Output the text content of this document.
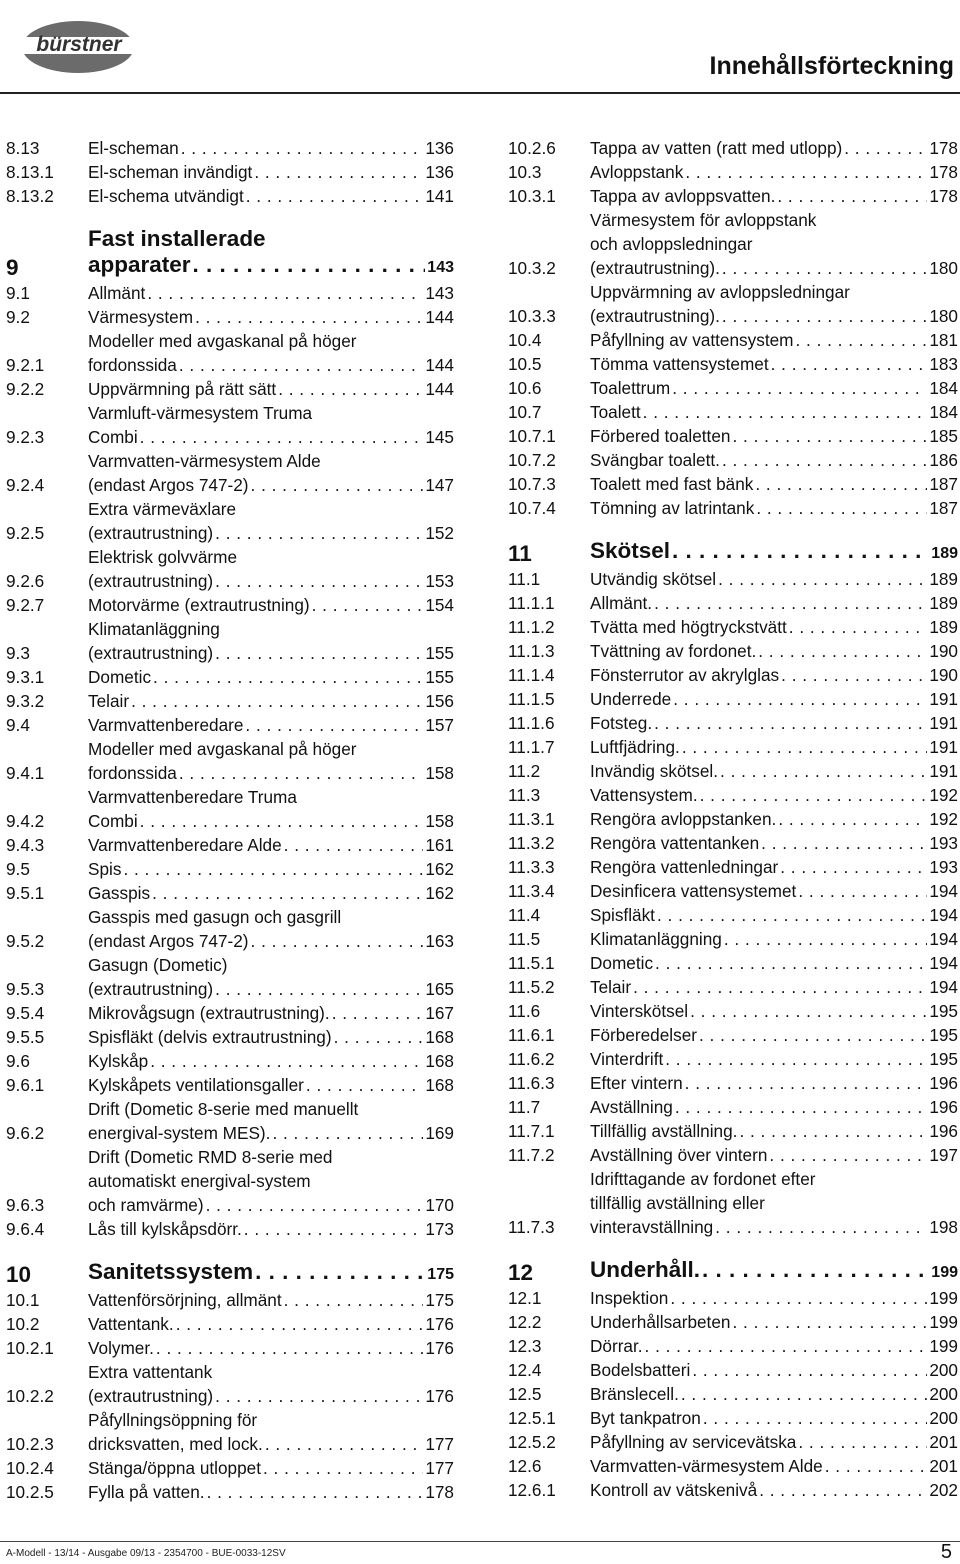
bürstner
Innehållsförteckning
8.13	El-scheman . . .	136
8.13.1	El-scheman invändigt . . .	136
8.13.2	El-schema utvändigt . . .	141
9
Fast installerade
apparater . . .	143
9.1	Allmänt . . .	143
9.2	Värmesystem . . .	144
9.2.1
Modeller med avgaskanal på höger
fordonssida . . .	144
9.2.2	Uppvärmning på rätt sätt . . .	144
9.2.3
Varmluft-värmesystem Truma
Combi . . .	145
9.2.4
Varmvatten-värmesystem Alde
(endast Argos 747-2) . . .	147
9.2.5
Extra värmeväxlare
(extrautrustning) . . .	152
9.2.6
Elektrisk golvvärme
(extrautrustning) . . .	153
9.2.7	Motorvärme (extrautrustning) . . .	154
9.3
Klimatanläggning
(extrautrustning) . . .	155
9.3.1	Dometic . . .	155
9.3.2	Telair . . .	156
9.4	Varmvattenberedare . . .	157
9.4.1
Modeller med avgaskanal på höger
fordonssida . . .	158
9.4.2
Varmvattenberedare Truma
Combi . . .	158
9.4.3	Varmvattenberedare Alde . . .	161
9.5	Spis . . .	162
9.5.1	Gasspis . . .	162
9.5.2
Gasspis med gasugn och gasgrill
(endast Argos 747-2) . . .	163
9.5.3
Gasugn (Dometic)
(extrautrustning) . . .	165
9.5.4	Mikrovågsugn (extrautrustning). . . .	167
9.5.5	Spisfläkt (delvis extrautrustning) . . .	168
9.6	Kylskåp . . .	168
9.6.1	Kylskåpets ventilationsgaller . . .	168
9.6.2
Drift (Dometic 8-serie med manuellt
energival-system MES). . . .	169
9.6.3
Drift (Dometic RMD 8-serie med
automatiskt energival-system
och ramvärme) . . .	170
9.6.4	Lås till kylskåpsdörr. . . .	173
10	Sanitetssystem . . .	175
10.1	Vattenförsörjning, allmänt . . .	175
10.2	Vattentank. . . .	176
10.2.1	Volymer. . . .	176
10.2.2
Extra vattentank
(extrautrustning) . . .	176
10.2.3
Påfyllningsöppning för
dricksvatten, med lock. . . .	177
10.2.4	Stänga/öppna utloppet . . .	177
10.2.5	Fylla på vatten. . . .	178
10.2.6	Tappa av vatten (ratt med utlopp) . . .	178
10.3	Avloppstank . . .	178
10.3.1	Tappa av avloppsvatten. . . .	178
10.3.2
Värmesystem för avloppstank
och avloppsledningar
(extrautrustning). . . .	180
10.3.3
Uppvärmning av avloppsledningar
(extrautrustning). . . .	180
10.4	Påfyllning av vattensystem . . .	181
10.5	Tömma vattensystemet . . .	183
10.6	Toalettrum . . .	184
10.7	Toalett . . .	184
10.7.1	Förbered toaletten . . .	185
10.7.2	Svängbar toalett. . . .	186
10.7.3	Toalett med fast bänk . . .	187
10.7.4	Tömning av latrintank . . .	187
11	Skötsel . . .	189
11.1	Utvändig skötsel . . .	189
11.1.1	Allmänt. . . .	189
11.1.2	Tvätta med högtryckstvätt . . .	189
11.1.3	Tvättning av fordonet. . . .	190
11.1.4	Fönsterrutor av akrylglas . . .	190
11.1.5	Underrede . . .	191
11.1.6	Fotsteg. . . .	191
11.1.7	Luftfjädring. . . .	191
11.2	Invändig skötsel. . . .	191
11.3	Vattensystem. . . .	192
11.3.1	Rengöra avloppstanken. . . .	192
11.3.2	Rengöra vattentanken . . .	193
11.3.3	Rengöra vattenledningar . . .	193
11.3.4	Desinficera vattensystemet . . .	194
11.4	Spisfläkt . . .	194
11.5	Klimatanläggning . . .	194
11.5.1	Dometic . . .	194
11.5.2	Telair . . .	194
11.6	Vinterskötsel . . .	195
11.6.1	Förberedelser . . .	195
11.6.2	Vinterdrift . . .	195
11.6.3	Efter vintern . . .	196
11.7	Avställning . . .	196
11.7.1	Tillfällig avställning. . . .	196
11.7.2	Avställning över vintern . . .	197
11.7.3
Idrifttagande av fordonet efter
tillfällig avställning eller
vinteravställning . . .	198
12	Underhåll. . . .	199
12.1	Inspektion . . .	199
12.2	Underhållsarbeten . . .	199
12.3	Dörrar. . . .	199
12.4	Bodelsbatteri . . .	200
12.5	Bränslecell. . . .	200
12.5.1	Byt tankpatron . . .	200
12.5.2	Påfyllning av servicevätska . . .	201
12.6	Varmvatten-värmesystem Alde . . .	201
12.6.1	Kontroll av vätskenivå . . .	202
A-Modell - 13/14 - Ausgabe 09/13 - 2354700 - BUE-0033-12SV	5
